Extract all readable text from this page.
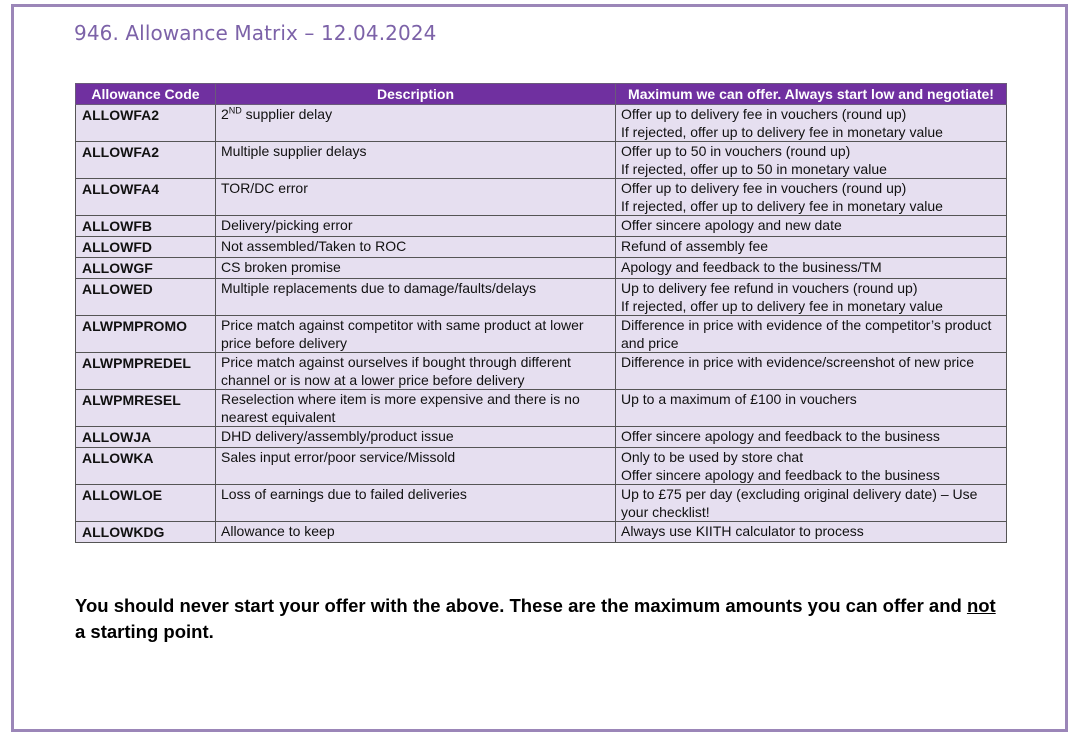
946. Allowance Matrix – 12.04.2024
Allowance Code	Description	Maximum we can offer. Always start low and negotiate!
ALLOWFA2	2ND supplier delay	Offer up to delivery fee in vouchers (round up)
If rejected, offer up to delivery fee in monetary value
ALLOWFA2	Multiple supplier delays	Offer up to 50 in vouchers (round up)
If rejected, offer up to 50 in monetary value
ALLOWFA4	TOR/DC error	Offer up to delivery fee in vouchers (round up)
If rejected, offer up to delivery fee in monetary value
ALLOWFB	Delivery/picking error	Offer sincere apology and new date
ALLOWFD	Not assembled/Taken to ROC	Refund of assembly fee
ALLOWGF	CS broken promise	Apology and feedback to the business/TM
ALLOWED	Multiple replacements due to damage/faults/delays	Up to delivery fee refund in vouchers (round up)
If rejected, offer up to delivery fee in monetary value
ALWPMPROMO	Price match against competitor with same product at lower price before delivery	Difference in price with evidence of the competitor’s product and price
ALWPMPREDEL	Price match against ourselves if bought through different channel or is now at a lower price before delivery	Difference in price with evidence/screenshot of new price
ALWPMRESEL	Reselection where item is more expensive and there is no nearest equivalent	Up to a maximum of £100 in vouchers
ALLOWJA	DHD delivery/assembly/product issue	Offer sincere apology and feedback to the business
ALLOWKA	Sales input error/poor service/Missold	Only to be used by store chat
Offer sincere apology and feedback to the business
ALLOWLOE	Loss of earnings due to failed deliveries	Up to £75 per day (excluding original delivery date) – Use your checklist!
ALLOWKDG	Allowance to keep	Always use KIITH calculator to process
You should never start your offer with the above. These are the maximum amounts you can offer and not a starting point.
